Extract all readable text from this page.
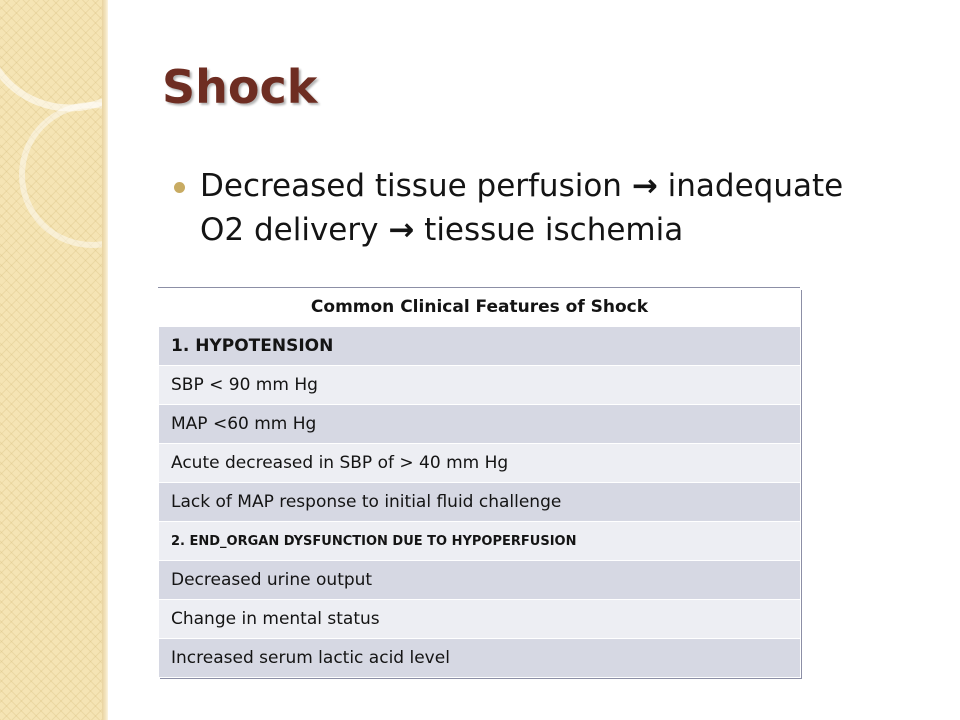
Shock
Decreased tissue perfusion → inadequate
O2 delivery → tiessue ischemia
Common Clinical Features of Shock
1. HYPOTENSION
SBP < 90 mm Hg
MAP <60 mm Hg
Acute decreased in SBP of > 40 mm Hg
Lack of MAP response to initial fluid challenge
2. END_ORGAN DYSFUNCTION DUE TO HYPOPERFUSION
Decreased urine output
Change in mental status
Increased serum lactic acid level
